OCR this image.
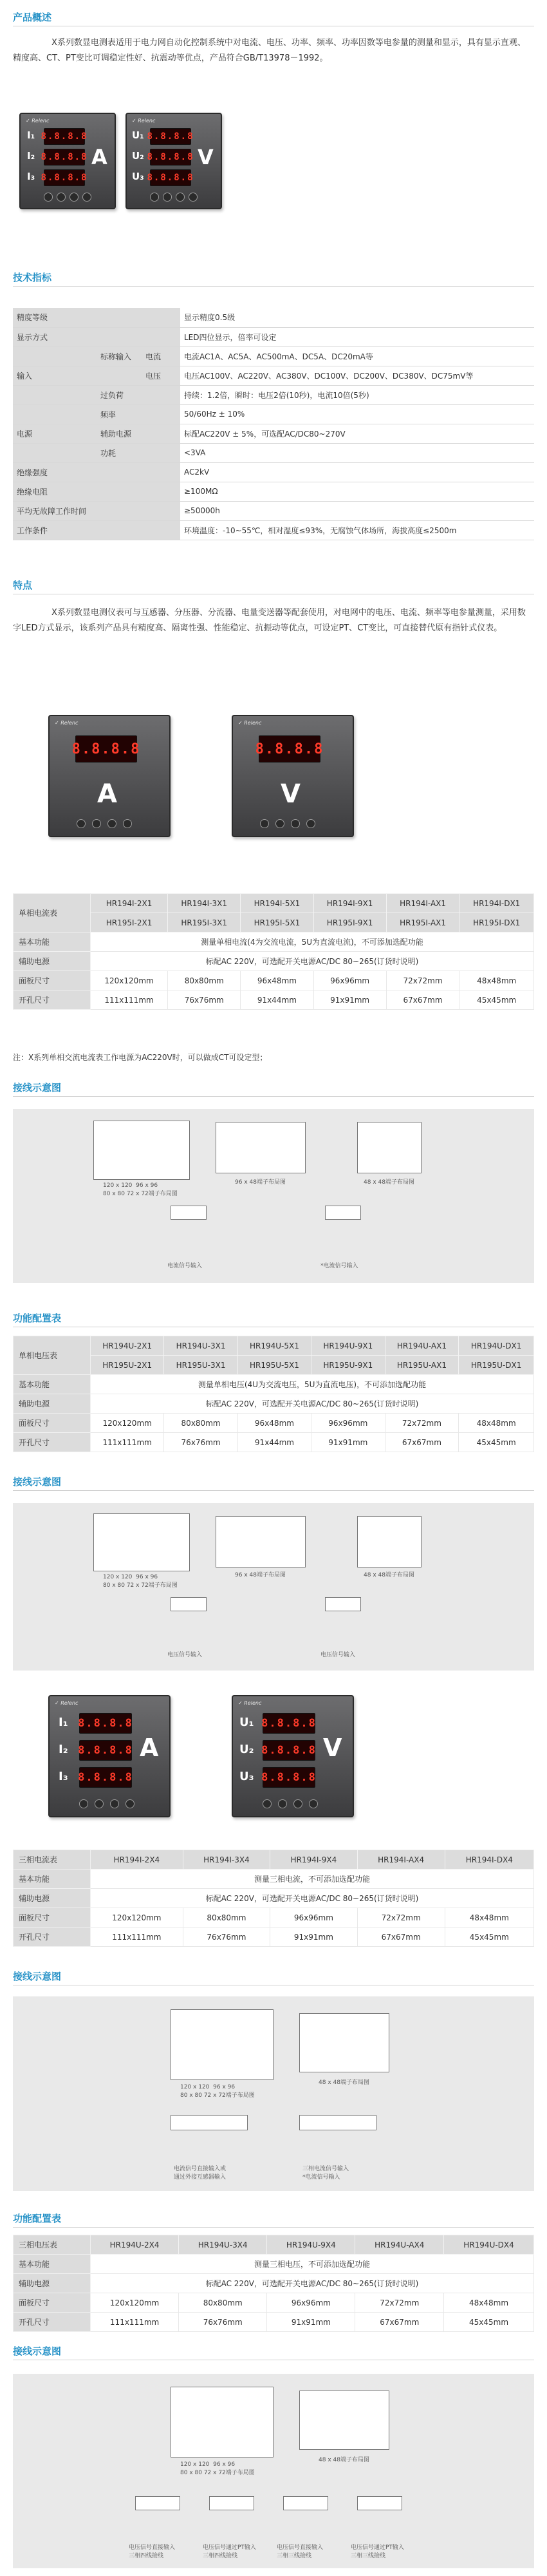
产品概述
X系列数显电测表适用于电力网自动化控制系统中对电流、电压、功率、频率、功率因数等电参量的测量和显示，具有显示直观、精度高、CT、PT变比可调稳定性好、抗震动等优点，产品符合GB/T13978－1992。
✓ Relenc
I₁ 8.8.8.8
I₂ 8.8.8.8
I₃ 8.8.8.8
A
✓ Relenc
U₁ 8.8.8.8
U₂ 8.8.8.8
U₃ 8.8.8.8
V
技术指标
精度等级			显示精度0.5级
显示方式			LED四位显示，倍率可设定
	标称输入	电流	电流AC1A、AC5A、AC500mA、DC5A、DC20mA等
输入		电压	电压AC100V、AC220V、AC380V、DC100V、DC200V、DC380V、DC75mV等
	过负荷		持续：1.2倍，瞬时：电压2倍(10秒)，电流10倍(5秒)
	频率		50/60Hz ± 10%
电源	辅助电源		标配AC220V ± 5%，可选配AC/DC80~270V
	功耗		<3VA
绝缘强度			AC2kV
绝缘电阻			≥100MΩ
平均无故障工作时间			≥50000h
工作条件			环境温度：-10~55℃，相对湿度≤93%，无腐蚀气体场所，海拔高度≤2500m
特点
X系列数显电测仪表可与互感器、分压器、分流器、电量变送器等配套使用，对电网中的电压、电流、频率等电参量测量，采用数字LED方式显示，该系列产品具有精度高、隔离性强、性能稳定、抗振动等优点，可设定PT、CT变比，可直接替代原有指针式仪表。
✓ Relenc
8.8.8.8
A
✓ Relenc
8.8.8.8
V
单相电流表	HR194I-2X1	HR194I-3X1	HR194I-5X1	HR194I-9X1	HR194I-AX1	HR194I-DX1
	HR195I-2X1	HR195I-3X1	HR195I-5X1	HR195I-9X1	HR195I-AX1	HR195I-DX1
基本功能	测量单相电流(4为交流电流，5U为直流电流)，不可添加选配功能					
辅助电源	标配AC 220V，可选配开关电源AC/DC 80~265(订货时说明)					
面板尺寸	120x120mm	80x80mm	96x48mm	96x96mm	72x72mm	48x48mm
开孔尺寸	111x111mm	76x76mm	91x44mm	91x91mm	67x67mm	45x45mm
注：X系列单相交流电流表工作电源为AC220V时，可以做成CT可设定型；
接线示意图
120 x 120  96 x 96
80 x 80 72 x 72端子布局图
96 x 48端子布局图	48 x 48端子布局图
电流信号输入	*电流信号输入
功能配置表
单相电压表	HR194U-2X1	HR194U-3X1	HR194U-5X1	HR194U-9X1	HR194U-AX1	HR194U-DX1
	HR195U-2X1	HR195U-3X1	HR195U-5X1	HR195U-9X1	HR195U-AX1	HR195U-DX1
基本功能	测量单相电压(4U为交流电压，5U为直流电压)，不可添加选配功能					
辅助电源	标配AC 220V，可选配开关电源AC/DC 80~265(订货时说明)					
面板尺寸	120x120mm	80x80mm	96x48mm	96x96mm	72x72mm	48x48mm
开孔尺寸	111x111mm	76x76mm	91x44mm	91x91mm	67x67mm	45x45mm
接线示意图
120 x 120  96 x 96
80 x 80 72 x 72端子布局图
96 x 48端子布局图	48 x 48端子布局图
电压信号输入	电压信号输入
✓ Relenc
I₁ 8.8.8.8
I₂ 8.8.8.8
I₃ 8.8.8.8
A
✓ Relenc
U₁ 8.8.8.8
U₂ 8.8.8.8
U₃ 8.8.8.8
V
三相电流表	HR194I-2X4	HR194I-3X4	HR194I-9X4	HR194I-AX4	HR194I-DX4
基本功能	测量三相电流，不可添加选配功能				
辅助电源	标配AC 220V，可选配开关电源AC/DC 80~265(订货时说明)				
面板尺寸	120x120mm	80x80mm	96x96mm	72x72mm	48x48mm
开孔尺寸	111x111mm	76x76mm	91x91mm	67x67mm	45x45mm
接线示意图
120 x 120  96 x 96
80 x 80 72 x 72端子布局图
48 x 48端子布局图
电流信号直接输入或
通过外接互感器输入
三相电流信号输入
*电流信号输入
功能配置表
三相电压表	HR194U-2X4	HR194U-3X4	HR194U-9X4	HR194U-AX4	HR194U-DX4
基本功能	测量三相电压，不可添加选配功能				
辅助电源	标配AC 220V，可选配开关电源AC/DC 80~265(订货时说明)				
面板尺寸	120x120mm	80x80mm	96x96mm	72x72mm	48x48mm
开孔尺寸	111x111mm	76x76mm	91x91mm	67x67mm	45x45mm
接线示意图
120 x 120  96 x 96
80 x 80 72 x 72端子布局图
48 x 48端子布局图
电压信号直接输入
三相四线接线
电压信号通过PT输入
三相四线接线
电压信号直接输入
三相三线接线
电压信号通过PT输入
三相三线接线
